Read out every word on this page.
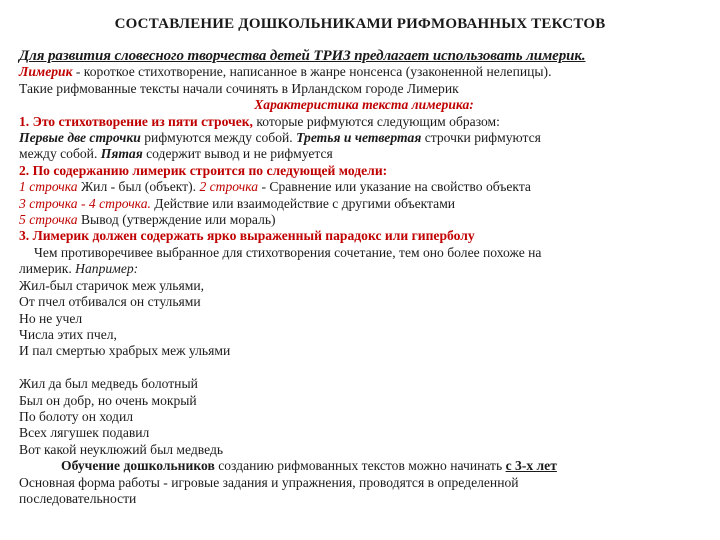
СОСТАВЛЕНИЕ ДОШКОЛЬНИКАМИ РИФМОВАННЫХ ТЕКСТОВ
Для развития словесного творчества детей ТРИЗ предлагает использовать лимерик.
Лимерик - короткое стихотворение, написанное в жанре нонсенса (узаконенной нелепицы).
Такие рифмованные тексты начали сочинять в Ирландском городе Лимерик
Характеристика текста лимерика:
1. Это стихотворение из пяти строчек, которые рифмуются следующим образом:
Первые две строчки рифмуются между собой. Третья и четвертая строчки рифмуются
между собой. Пятая содержит вывод и не рифмуется
2. По содержанию лимерик строится по следующей модели:
1 строчка Жил - был (объект). 2 строчка - Сравнение или указание на свойство объекта
3 строчка - 4 строчка. Действие или взаимодействие с другими объектами
5 строчка Вывод (утверждение или мораль)
3. Лимерик должен содержать ярко выраженный парадокс или гиперболу
Чем противоречивее выбранное для стихотворения сочетание, тем оно более похоже на
лимерик. Например:
Жил-был старичок меж ульями,
От пчел отбивался он стульями
Но не учел
Числа этих пчел,
И пал смертью храбрых меж ульями
Жил да был медведь болотный
Был он добр, но очень мокрый
По болоту он ходил
Всех лягушек подавил
Вот какой неуклюжий был медведь
Обучение дошкольников созданию рифмованных текстов можно начинать с 3-х лет
Основная форма работы - игровые задания и упражнения, проводятся в определенной
последовательности
